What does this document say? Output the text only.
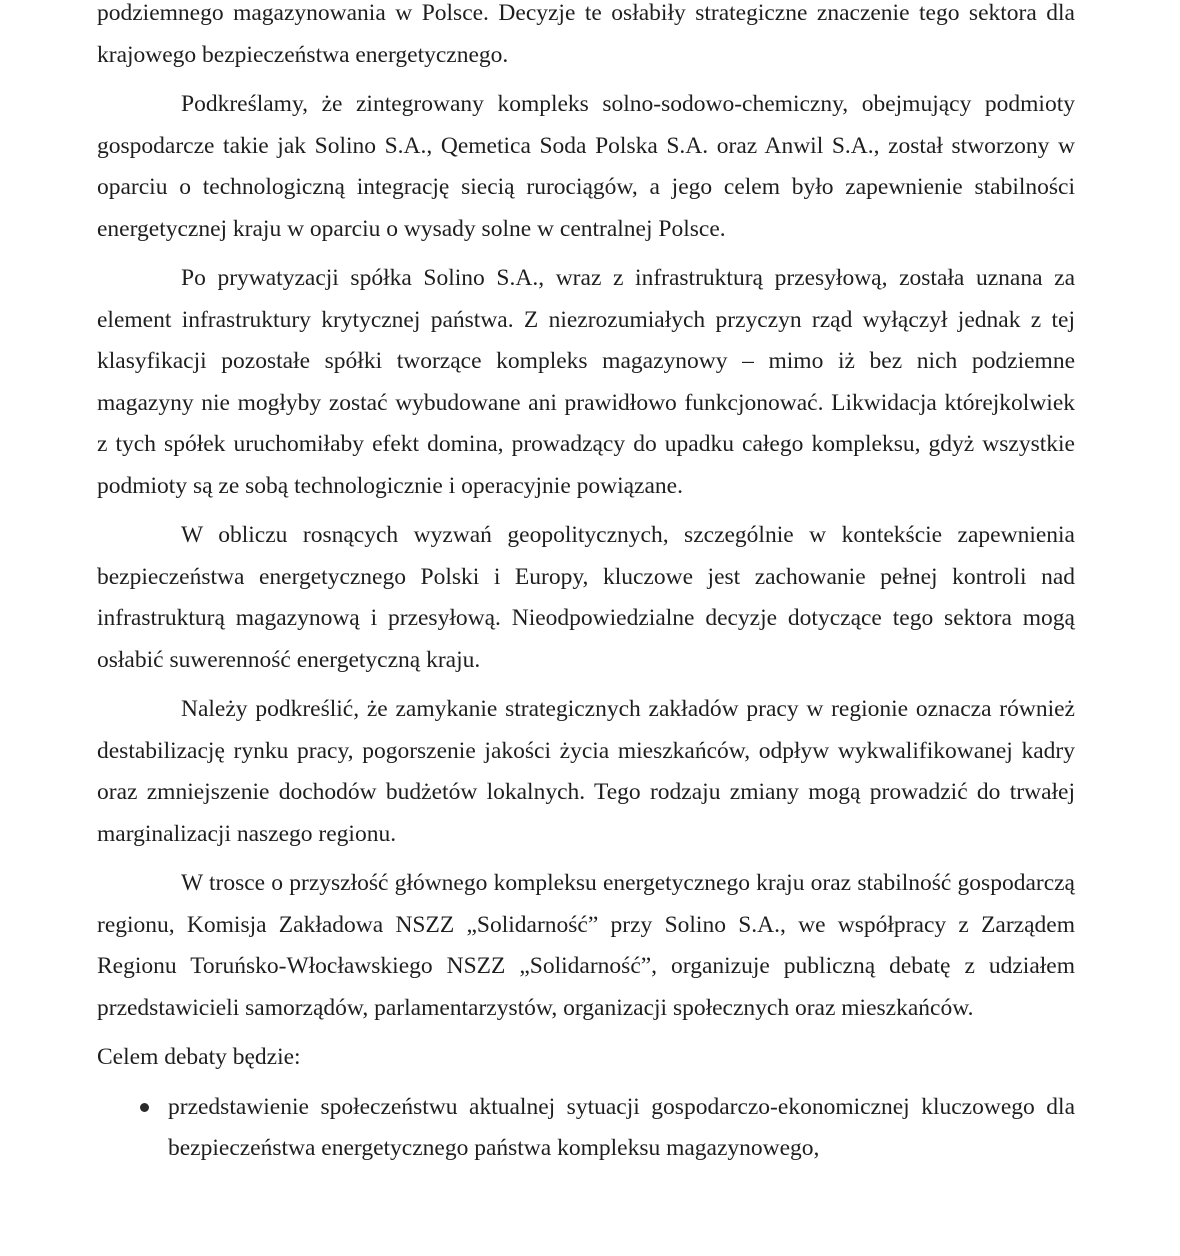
podziemnego magazynowania w Polsce. Decyzje te osłabiły strategiczne znaczenie tego sektora dla krajowego bezpieczeństwa energetycznego.

Podkreślamy, że zintegrowany kompleks solno-sodowo-chemiczny, obejmujący podmioty gospodarcze takie jak Solino S.A., Qemetica Soda Polska S.A. oraz Anwil S.A., został stworzony w oparciu o technologiczną integrację siecią rurociągów, a jego celem było zapewnienie stabilności energetycznej kraju w oparciu o wysady solne w centralnej Polsce.

Po prywatyzacji spółka Solino S.A., wraz z infrastrukturą przesyłową, została uznana za element infrastruktury krytycznej państwa. Z niezrozumiałych przyczyn rząd wyłączył jednak z tej klasyfikacji pozostałe spółki tworzące kompleks magazynowy – mimo iż bez nich podziemne magazyny nie mogłyby zostać wybudowane ani prawidłowo funkcjonować. Likwidacja którejkolwiek z tych spółek uruchomiłaby efekt domina, prowadzący do upadku całego kompleksu, gdyż wszystkie podmioty są ze sobą technologicznie i operacyjnie powiązane.

W obliczu rosnących wyzwań geopolitycznych, szczególnie w kontekście zapewnienia bezpieczeństwa energetycznego Polski i Europy, kluczowe jest zachowanie pełnej kontroli nad infrastrukturą magazynową i przesyłową. Nieodpowiedzialne decyzje dotyczące tego sektora mogą osłabić suwerenność energetyczną kraju.

Należy podkreślić, że zamykanie strategicznych zakładów pracy w regionie oznacza również destabilizację rynku pracy, pogorszenie jakości życia mieszkańców, odpływ wykwalifikowanej kadry oraz zmniejszenie dochodów budżetów lokalnych. Tego rodzaju zmiany mogą prowadzić do trwałej marginalizacji naszego regionu.

W trosce o przyszłość głównego kompleksu energetycznego kraju oraz stabilność gospodarczą regionu, Komisja Zakładowa NSZZ „Solidarność” przy Solino S.A., we współpracy z Zarządem Regionu Toruńsko-Włocławskiego NSZZ „Solidarność”, organizuje publiczną debatę z udziałem przedstawicieli samorządów, parlamentarzystów, organizacji społecznych oraz mieszkańców.

Celem debaty będzie:

przedstawienie społeczeństwu aktualnej sytuacji gospodarczo-ekonomicznej kluczowego dla bezpieczeństwa energetycznego państwa kompleksu magazynowego,
